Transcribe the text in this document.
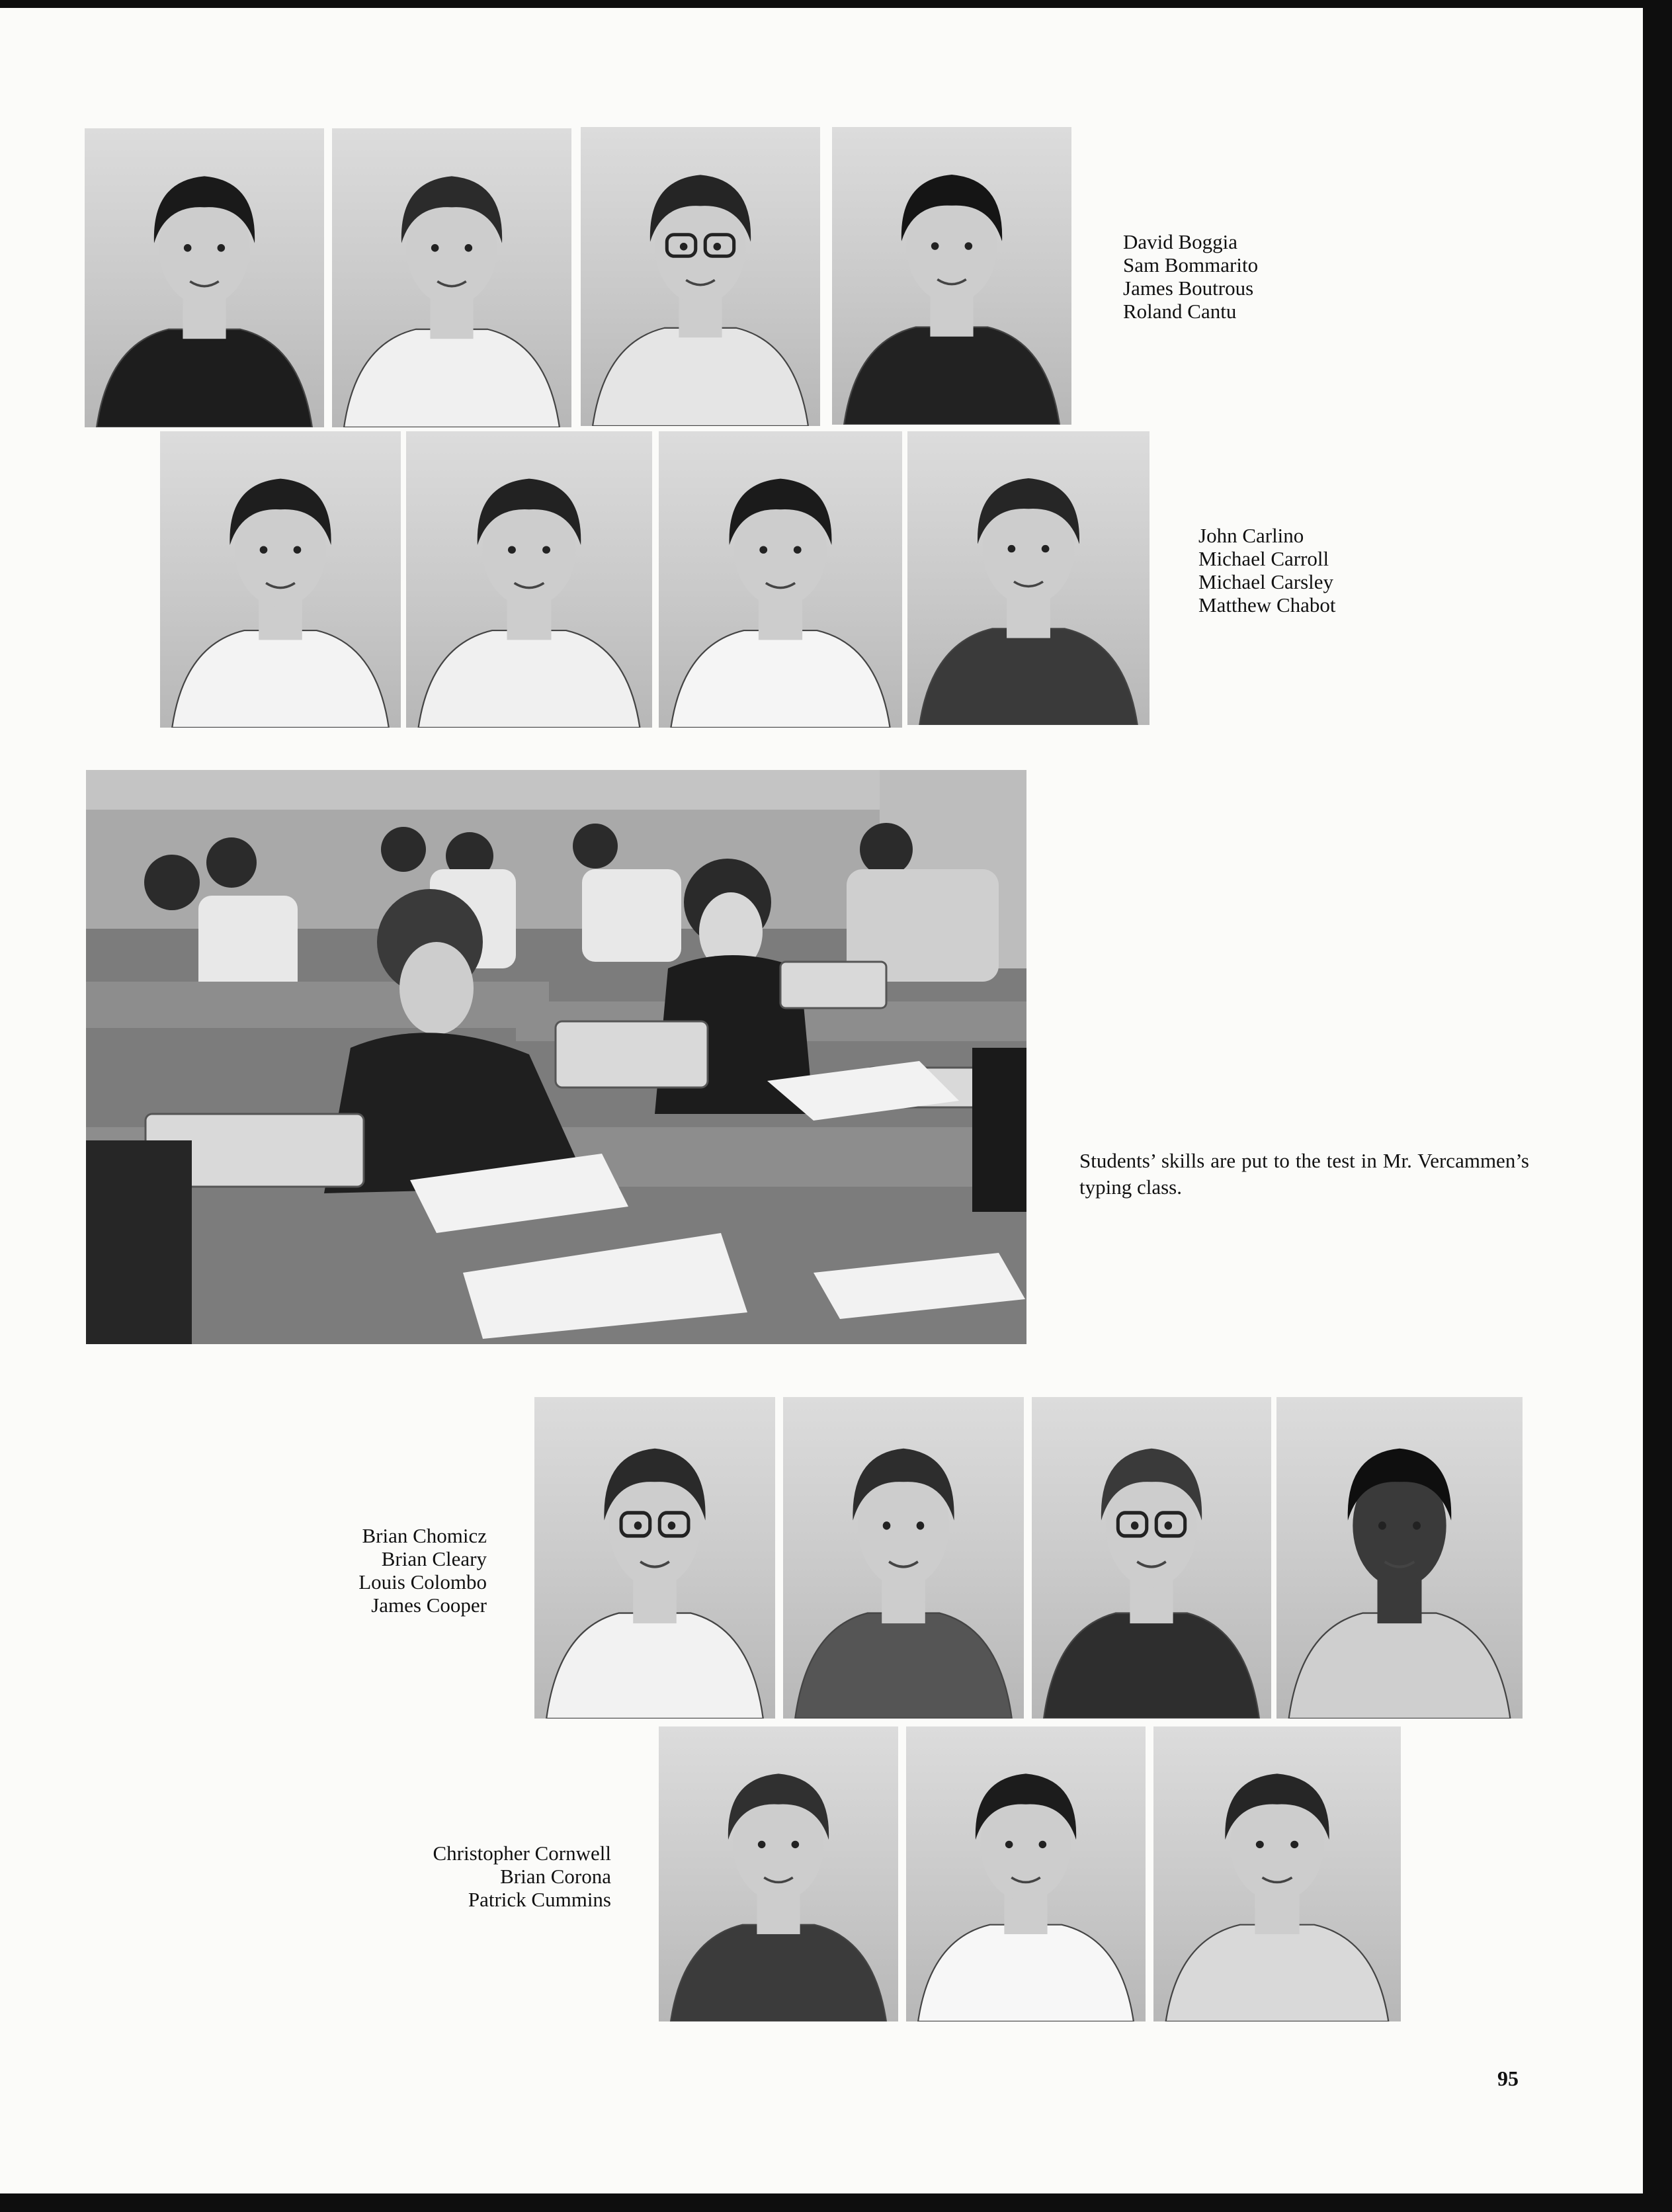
David Boggia
Sam Bommarito
James Boutrous
Roland Cantu
John Carlino
Michael Carroll
Michael Carsley
Matthew Chabot
Students’ skills are put to the test in Mr. Vercammen’s typing class.
Brian Chomicz
Brian Cleary
Louis Colombo
James Cooper
Christopher Cornwell
Brian Corona
Patrick Cummins
95
